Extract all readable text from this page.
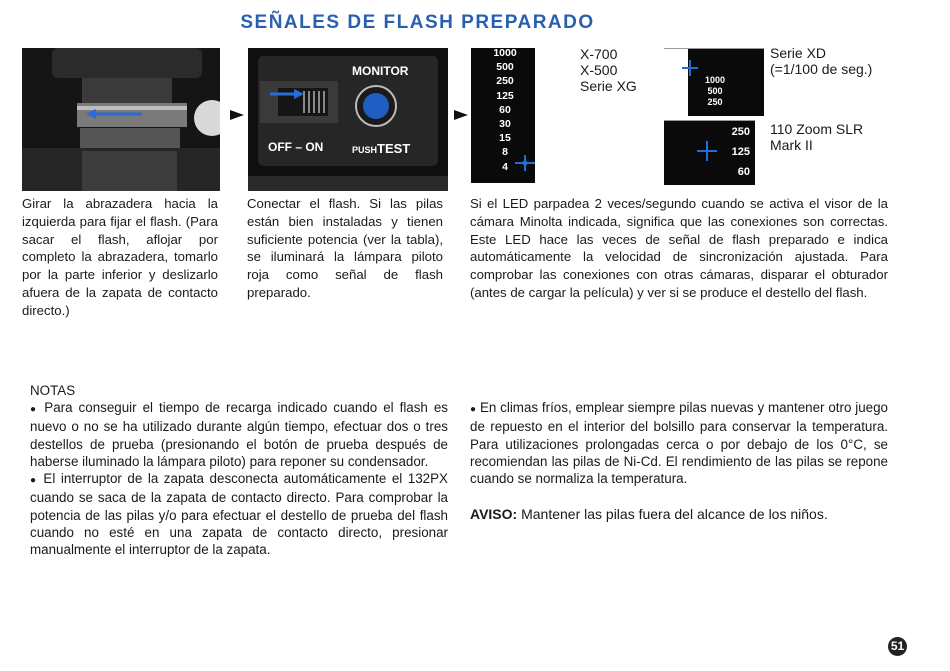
SEÑALES DE FLASH PREPARADO
MONITOR
OFF – ON	PUSHTEST
1000
500
250
125
60
30
15
8
4
X-700
X-500
Serie XG	1000
500
250
Serie XD
(=1/100 de seg.)
250
125
60
110 Zoom SLR
Mark II

Girar la abrazadera hacia la izquierda para fijar el flash. (Para sacar el flash, aflojar por completo la abrazadera, tomarlo por la parte inferior y deslizarlo afuera de la zapata de contacto directo.)

Conectar el flash. Si las pilas están bien instaladas y tienen suficiente potencia (ver la tabla), se iluminará la lámpara piloto roja como señal de flash preparado.

Si el LED parpadea 2 veces/segundo cuando se activa el visor de la cámara Minolta indicada, significa que las conexiones son correctas. Este LED hace las veces de señal de flash preparado e indica automáticamente la velocidad de sincronización ajustada. Para comprobar las conexiones con otras cámaras, disparar el obturador (antes de cargar la película) y ver si se produce el destello del flash.

NOTAS

● Para conseguir el tiempo de recarga indicado cuando el flash es nuevo o no se ha utilizado durante algún tiempo, efectuar dos o tres destellos de prueba (presionando el botón de prueba después de haberse iluminado la lámpara piloto) para reponer su condensador.

● El interruptor de la zapata desconecta automáticamente el 132PX cuando se saca de la zapata de contacto directo. Para comprobar la potencia de las pilas y/o para efectuar el destello de prueba del flash cuando no esté en una zapata de contacto directo, presionar manualmente el interruptor de la zapata.

● En climas fríos, emplear siempre pilas nuevas y mantener otro juego de repuesto en el interior del bolsillo para conservar la temperatura. Para utilizaciones prolongadas cerca o por debajo de los 0°C, se recomiendan las pilas de Ni-Cd. El rendimiento de las pilas se repone cuando se normaliza la temperatura.

AVISO: Mantener las pilas fuera del alcance de los niños.

51
